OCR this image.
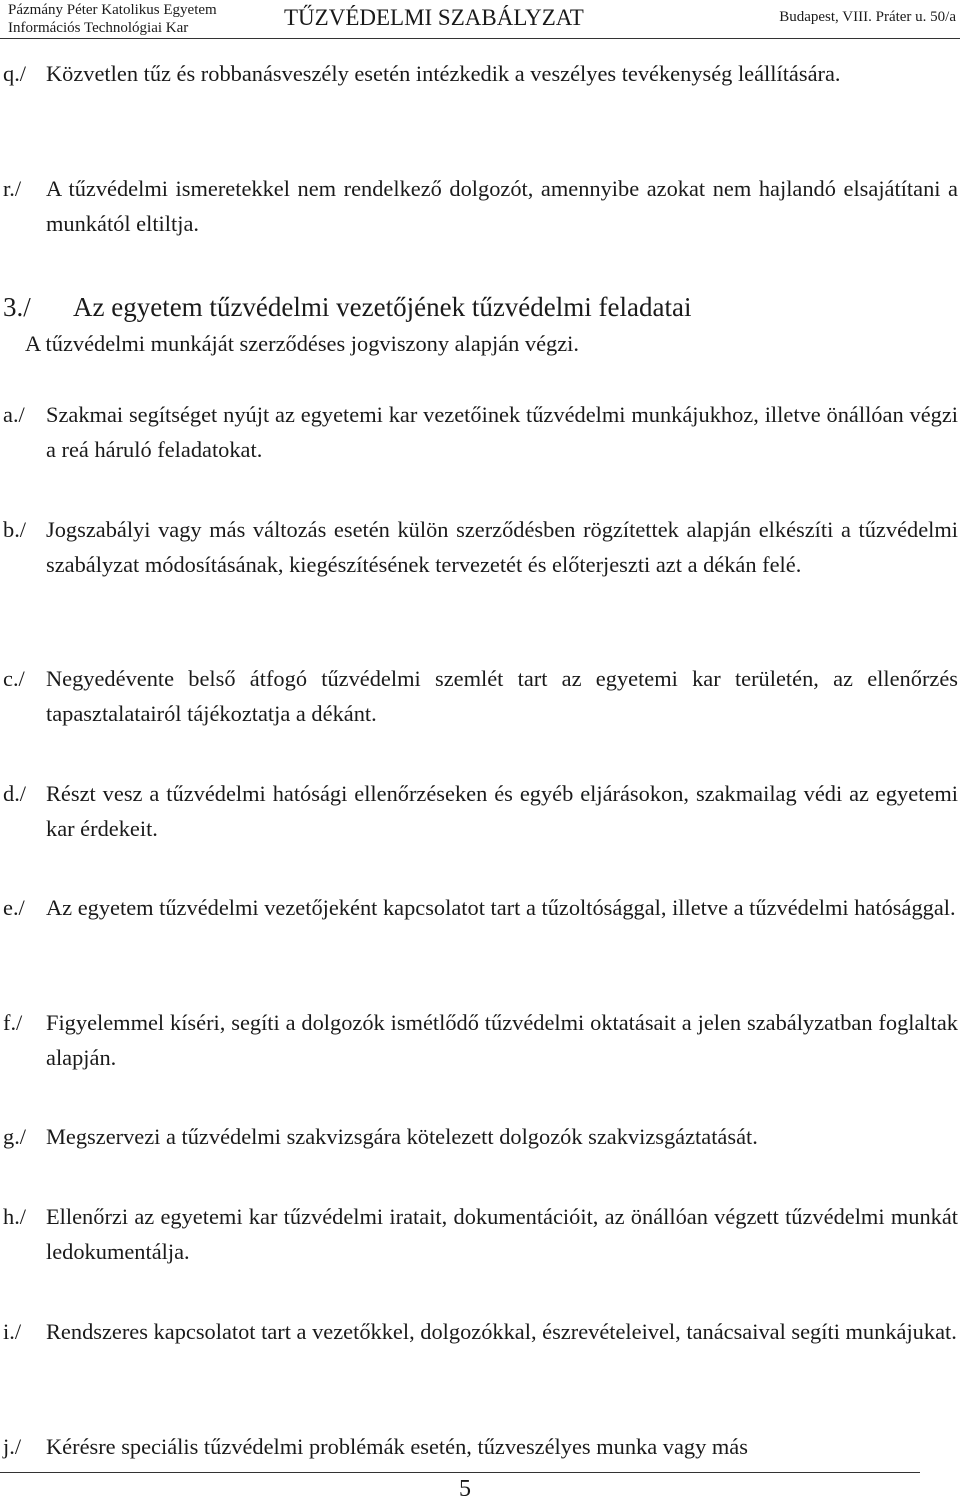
Pázmány Péter Katolikus Egyetem
Információs Technológiai Kar	TŰZVÉDELMI SZABÁLYZAT	Budapest, VIII. Práter u. 50/a
q./ Közvetlen tűz és robbanásveszély esetén intézkedik a veszélyes tevékenység leállítására.
r./ A tűzvédelmi ismeretekkel nem rendelkező dolgozót, amennyibe azokat nem hajlandó elsajátítani a munkától eltiltja.
3./ Az egyetem tűzvédelmi vezetőjének tűzvédelmi feladatai
A tűzvédelmi munkáját szerződéses jogviszony alapján végzi.
a./ Szakmai segítséget nyújt az egyetemi kar vezetőinek tűzvédelmi munkájukhoz, illetve önállóan végzi a reá háruló feladatokat.
b./ Jogszabályi vagy más változás esetén külön szerződésben rögzítettek alapján elkészíti a tűzvédelmi szabályzat módosításának, kiegészítésének tervezetét és előterjeszti azt a dékán felé.
c./ Negyedévente belső átfogó tűzvédelmi szemlét tart az egyetemi kar területén, az ellenőrzés tapasztalatairól tájékoztatja a dékánt.
d./ Részt vesz a tűzvédelmi hatósági ellenőrzéseken és egyéb eljárásokon, szakmailag védi az egyetemi kar érdekeit.
e./ Az egyetem tűzvédelmi vezetőjeként kapcsolatot tart a tűzoltósággal, illetve a tűzvédelmi hatósággal.
f./ Figyelemmel kíséri, segíti a dolgozók ismétlődő tűzvédelmi oktatásait a jelen szabályzatban foglaltak alapján.
g./ Megszervezi a tűzvédelmi szakvizsgára kötelezett dolgozók szakvizsgáztatását.
h./ Ellenőrzi az egyetemi kar tűzvédelmi iratait, dokumentációit, az önállóan végzett tűzvédelmi munkát ledokumentálja.
i./ Rendszeres kapcsolatot tart a vezetőkkel, dolgozókkal, észrevételeivel, tanácsaival segíti munkájukat.
j./ Kérésre speciális tűzvédelmi problémák esetén, tűzveszélyes munka vagy más
5
